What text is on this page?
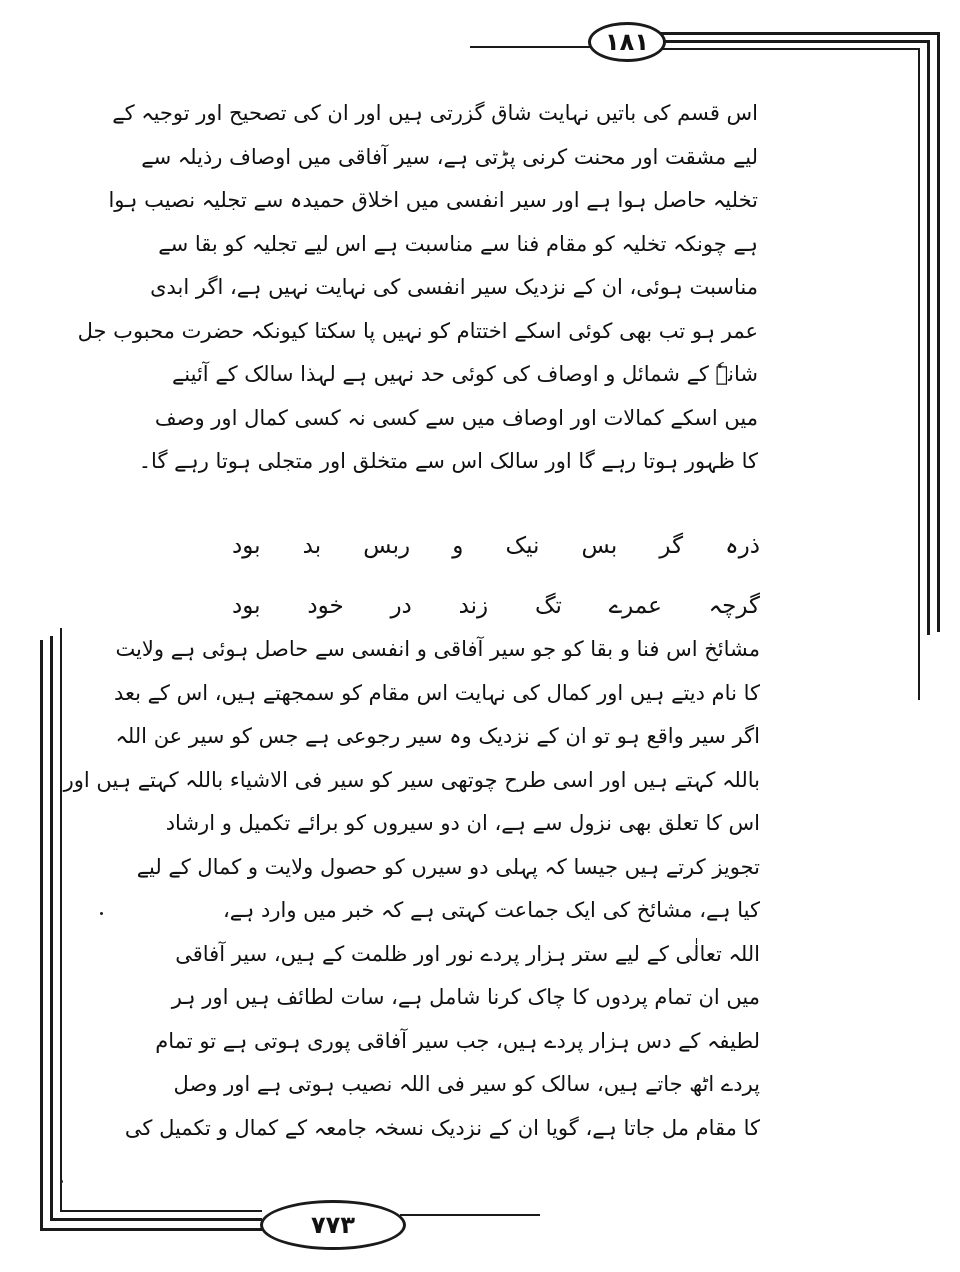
۱۸۱
۷۷۳
اس قسم کی باتیں نہایت شاق گزرتی ہیں اور ان کی تصحیح اور توجیہ کے
لیے مشقت اور محنت کرنی پڑتی ہے، سیر آفاقی میں اوصاف رذیلہ سے
تخلیہ حاصل ہوا ہے اور سیر انفسی میں اخلاق حمیدہ سے تجلیہ نصیب ہوا
ہے چونکہ تخلیہ کو مقام فنا سے مناسبت ہے اس لیے تجلیہ کو بقا سے
مناسبت ہوئی، ان کے نزدیک سیر انفسی کی نہایت نہیں ہے، اگر ابدی
عمر ہو تب بھی کوئی اسکے اختتام کو نہیں پا سکتا کیونکہ حضرت محبوب جل
شانہٗ کے شمائل و اوصاف کی کوئی حد نہیں ہے لہذا سالک کے آئینے
میں اسکے کمالات اور اوصاف میں سے کسی نہ کسی کمال اور وصف
کا ظہور ہوتا رہے گا اور سالک اس سے متخلق اور متجلی ہوتا رہے گا۔
ذرہ
گر
بس
نیک
و
ربس
بد
بود
گرچہ
عمرے
تگ
زند
در
خود
بود
مشائخ اس فنا و بقا کو جو سیر آفاقی و انفسی سے حاصل ہوئی ہے ولایت
کا نام دیتے ہیں اور کمال کی نہایت اس مقام کو سمجھتے ہیں، اس کے بعد
اگر سیر واقع ہو تو ان کے نزدیک وہ سیر رجوعی ہے جس کو سیر عن اللہ
باللہ کہتے ہیں اور اسی طرح چوتھی سیر کو سیر فی الاشیاء باللہ کہتے ہیں اور
اس کا تعلق بھی نزول سے ہے، ان دو سیروں کو برائے تکمیل و ارشاد
تجویز کرتے ہیں جیسا کہ پہلی دو سیرں کو حصول ولایت و کمال کے لیے
کیا ہے، مشائخ کی ایک جماعت کہتی ہے کہ خبر میں وارد ہے،
اللہ تعالٰی کے لیے ستر ہزار پردے نور اور ظلمت کے ہیں، سیر آفاقی
میں ان تمام پردوں کا چاک کرنا شامل ہے، سات لطائف ہیں اور ہر
لطیفہ کے دس ہزار پردے ہیں، جب سیر آفاقی پوری ہوتی ہے تو تمام
پردے اٹھ جاتے ہیں، سالک کو سیر فی اللہ نصیب ہوتی ہے اور وصل
کا مقام مل جاتا ہے، گویا ان کے نزدیک نسخہ جامعہ کے کمال و تکمیل کی
